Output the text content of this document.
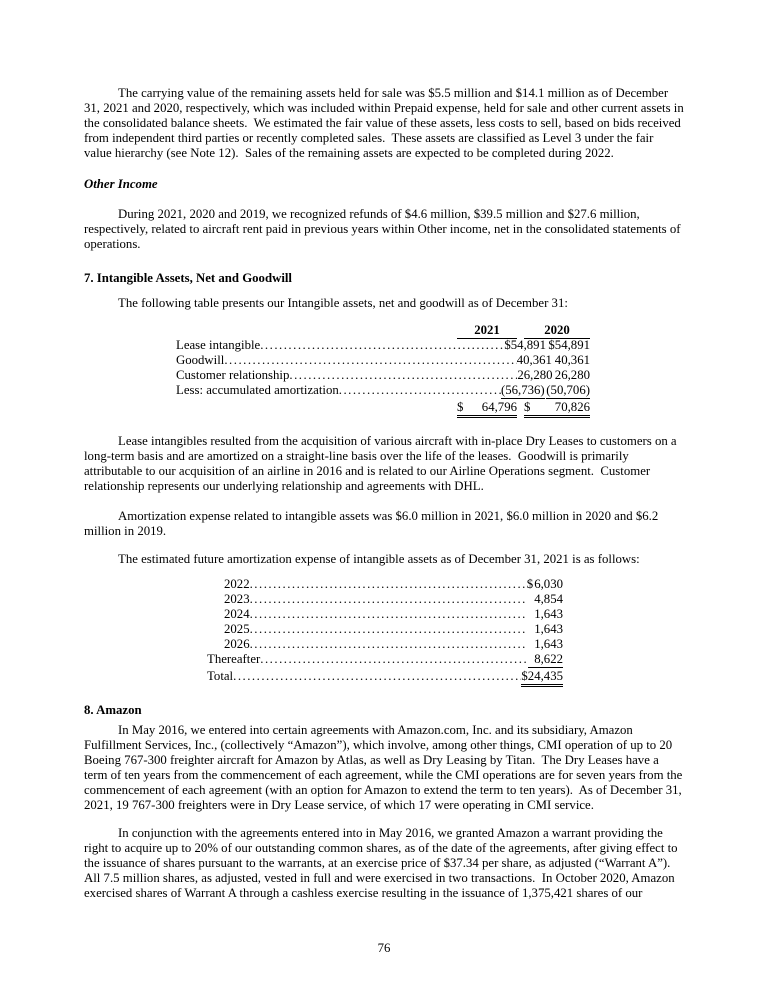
The carrying value of the remaining assets held for sale was $5.5 million and $14.1 million as of December 31, 2021 and 2020, respectively, which was included within Prepaid expense, held for sale and other current assets in the consolidated balance sheets.  We estimated the fair value of these assets, less costs to sell, based on bids received from independent third parties or recently completed sales.  These assets are classified as Level 3 under the fair value hierarchy (see Note 12).  Sales of the remaining assets are expected to be completed during 2022.

Other Income

During 2021, 2020 and 2019, we recognized refunds of $4.6 million, $39.5 million and $27.6 million, respectively, related to aircraft rent paid in previous years within Other income, net in the consolidated statements of operations.

7. Intangible Assets, Net and Goodwill

The following table presents our Intangible assets, net and goodwill as of December 31:

2021	2020
Lease intangible .....	$ 54,891 $ 54,891
Goodwill .....	40,361 40,361
Customer relationship .....	26,280 26,280
Less: accumulated amortization .....	(56,736) (50,706)
$ 64,796 $ 70,826

Lease intangibles resulted from the acquisition of various aircraft with in-place Dry Leases to customers on a long-term basis and are amortized on a straight-line basis over the life of the leases.  Goodwill is primarily attributable to our acquisition of an airline in 2016 and is related to our Airline Operations segment.  Customer relationship represents our underlying relationship and agreements with DHL.

Amortization expense related to intangible assets was $6.0 million in 2021, $6.0 million in 2020 and $6.2 million in 2019.

The estimated future amortization expense of intangible assets as of December 31, 2021 is as follows:

2022 .....	$ 6,030
2023 .....	4,854
2024 .....	1,643
2025 .....	1,643
2026 .....	1,643
Thereafter .....	8,622
Total .....	$ 24,435

8. Amazon

In May 2016, we entered into certain agreements with Amazon.com, Inc. and its subsidiary, Amazon Fulfillment Services, Inc., (collectively “Amazon”), which involve, among other things, CMI operation of up to 20 Boeing 767-300 freighter aircraft for Amazon by Atlas, as well as Dry Leasing by Titan.  The Dry Leases have a term of ten years from the commencement of each agreement, while the CMI operations are for seven years from the commencement of each agreement (with an option for Amazon to extend the term to ten years).  As of December 31, 2021, 19 767-300 freighters were in Dry Lease service, of which 17 were operating in CMI service.

In conjunction with the agreements entered into in May 2016, we granted Amazon a warrant providing the right to acquire up to 20% of our outstanding common shares, as of the date of the agreements, after giving effect to the issuance of shares pursuant to the warrants, at an exercise price of $37.34 per share, as adjusted (“Warrant A”).  All 7.5 million shares, as adjusted, vested in full and were exercised in two transactions.  In October 2020, Amazon exercised shares of Warrant A through a cashless exercise resulting in the issuance of 1,375,421 shares of our

76
